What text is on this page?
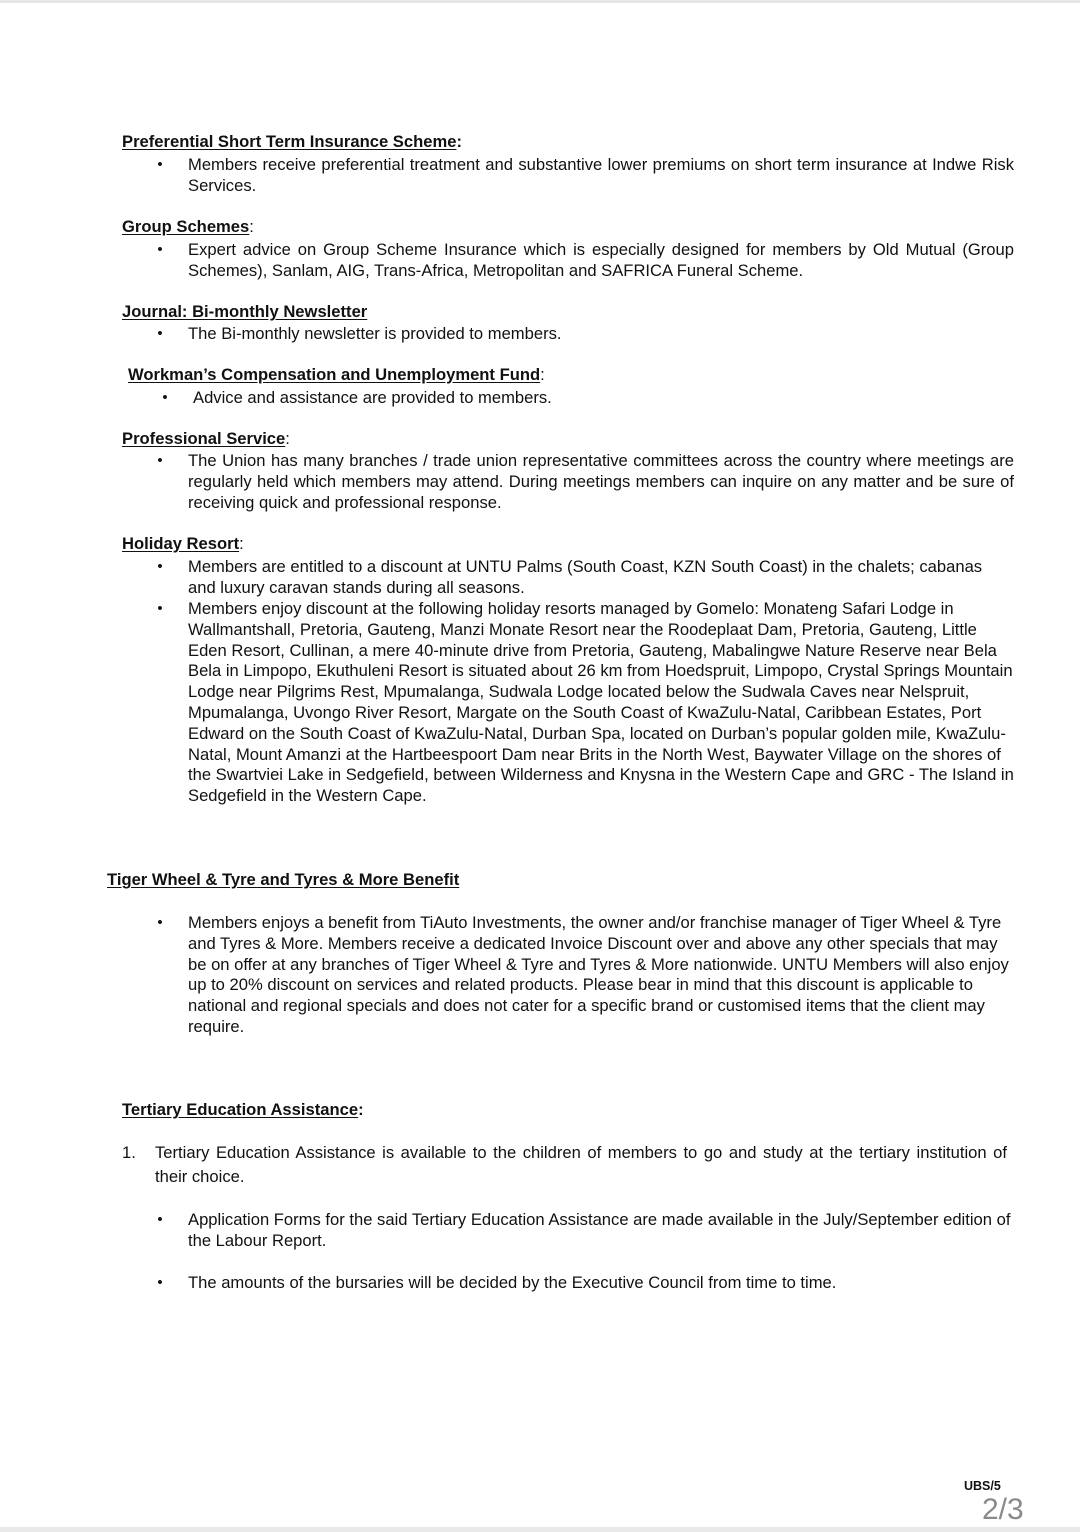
Preferential Short Term Insurance Scheme:
• Members receive preferential treatment and substantive lower premiums on short term insurance at Indwe Risk Services.
Group Schemes:
• Expert advice on Group Scheme Insurance which is especially designed for members by Old Mutual (Group Schemes), Sanlam, AIG, Trans-Africa, Metropolitan and SAFRICA Funeral Scheme.
Journal: Bi-monthly Newsletter
• The Bi-monthly newsletter is provided to members.
Workman’s Compensation and Unemployment Fund:
• Advice and assistance are provided to members.
Professional Service:
• The Union has many branches / trade union representative committees across the country where meetings are regularly held which members may attend. During meetings members can inquire on any matter and be sure of receiving quick and professional response.
Holiday Resort:
• Members are entitled to a discount at UNTU Palms (South Coast, KZN South Coast) in the chalets; cabanas and luxury caravan stands during all seasons.
• Members enjoy discount at the following holiday resorts managed by Gomelo: Monateng Safari Lodge in Wallmantshall, Pretoria, Gauteng, Manzi Monate Resort near the Roodeplaat Dam, Pretoria, Gauteng, Little Eden Resort, Cullinan, a mere 40-minute drive from Pretoria, Gauteng, Mabalingwe Nature Reserve near Bela Bela in Limpopo, Ekuthuleni Resort is situated about 26 km from Hoedspruit, Limpopo, Crystal Springs Mountain Lodge near Pilgrims Rest, Mpumalanga, Sudwala Lodge located below the Sudwala Caves near Nelspruit, Mpumalanga, Uvongo River Resort, Margate on the South Coast of KwaZulu-Natal, Caribbean Estates, Port Edward on the South Coast of KwaZulu-Natal, Durban Spa, located on Durban’s popular golden mile, KwaZulu-Natal, Mount Amanzi at the Hartbeespoort Dam near Brits in the North West, Baywater Village on the shores of the Swartviei Lake in Sedgefield, between Wilderness and Knysna in the Western Cape and GRC - The Island in Sedgefield in the Western Cape.
Tiger Wheel & Tyre and Tyres & More Benefit
• Members enjoys a benefit from TiAuto Investments, the owner and/or franchise manager of Tiger Wheel & Tyre and Tyres & More. Members receive a dedicated Invoice Discount over and above any other specials that may be on offer at any branches of Tiger Wheel & Tyre and Tyres & More nationwide. UNTU Members will also enjoy up to 20% discount on services and related products. Please bear in mind that this discount is applicable to national and regional specials and does not cater for a specific brand or customised items that the client may require.
Tertiary Education Assistance:
1. Tertiary Education Assistance is available to the children of members to go and study at the tertiary institution of their choice.
• Application Forms for the said Tertiary Education Assistance are made available in the July/September edition of the Labour Report.
• The amounts of the bursaries will be decided by the Executive Council from time to time.
UBS/5
2/3
